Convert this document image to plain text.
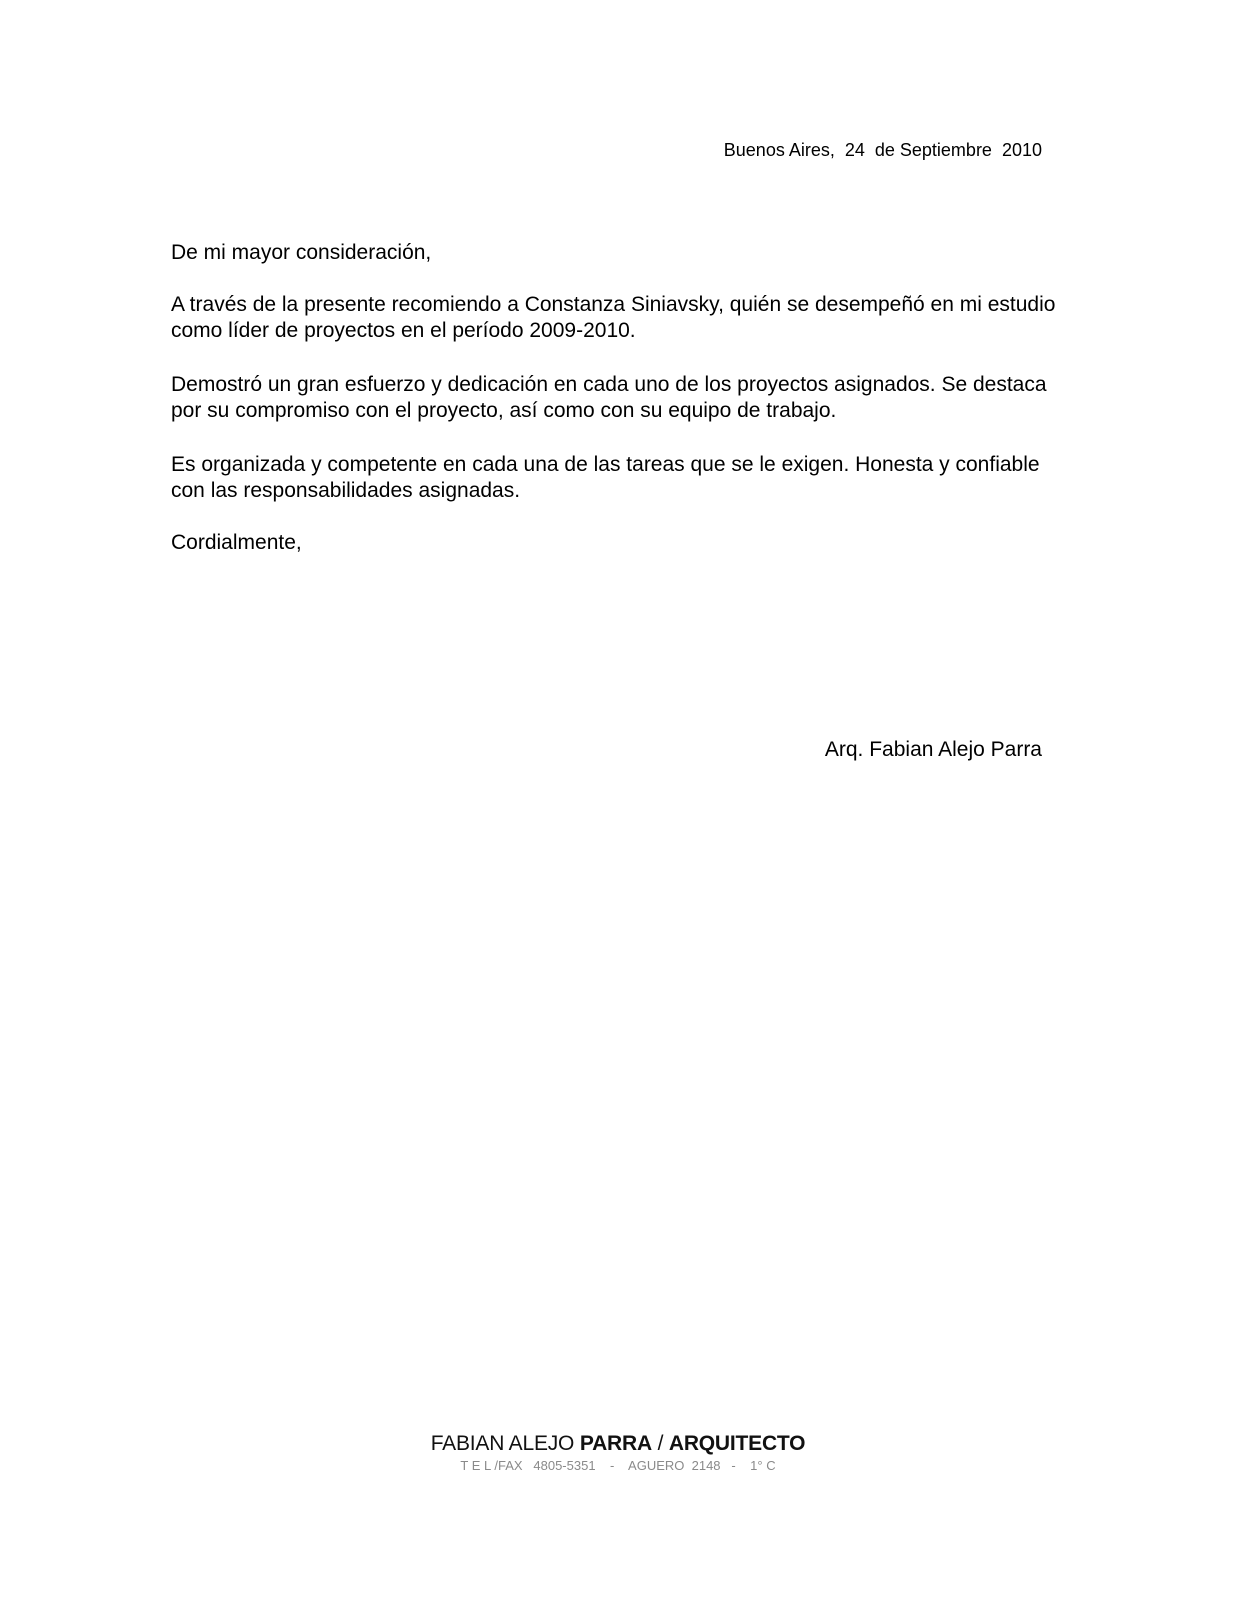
Buenos Aires,  24  de Septiembre  2010

De mi mayor consideración,

A través de la presente recomiendo a Constanza Siniavsky, quién se desempeñó en mi estudio como líder de proyectos en el período 2009-2010.

Demostró un gran esfuerzo y dedicación en cada uno de los proyectos asignados. Se destaca por su compromiso con el proyecto, así como con su equipo de trabajo.

Es organizada y competente en cada una de las tareas que se le exigen. Honesta y confiable con las responsabilidades asignadas.

Cordialmente,

Arq. Fabian Alejo Parra

FABIAN ALEJO PARRA / ARQUITECTO
T E L /FAX   4805-5351    -    AGUERO  2148   -    1° C
